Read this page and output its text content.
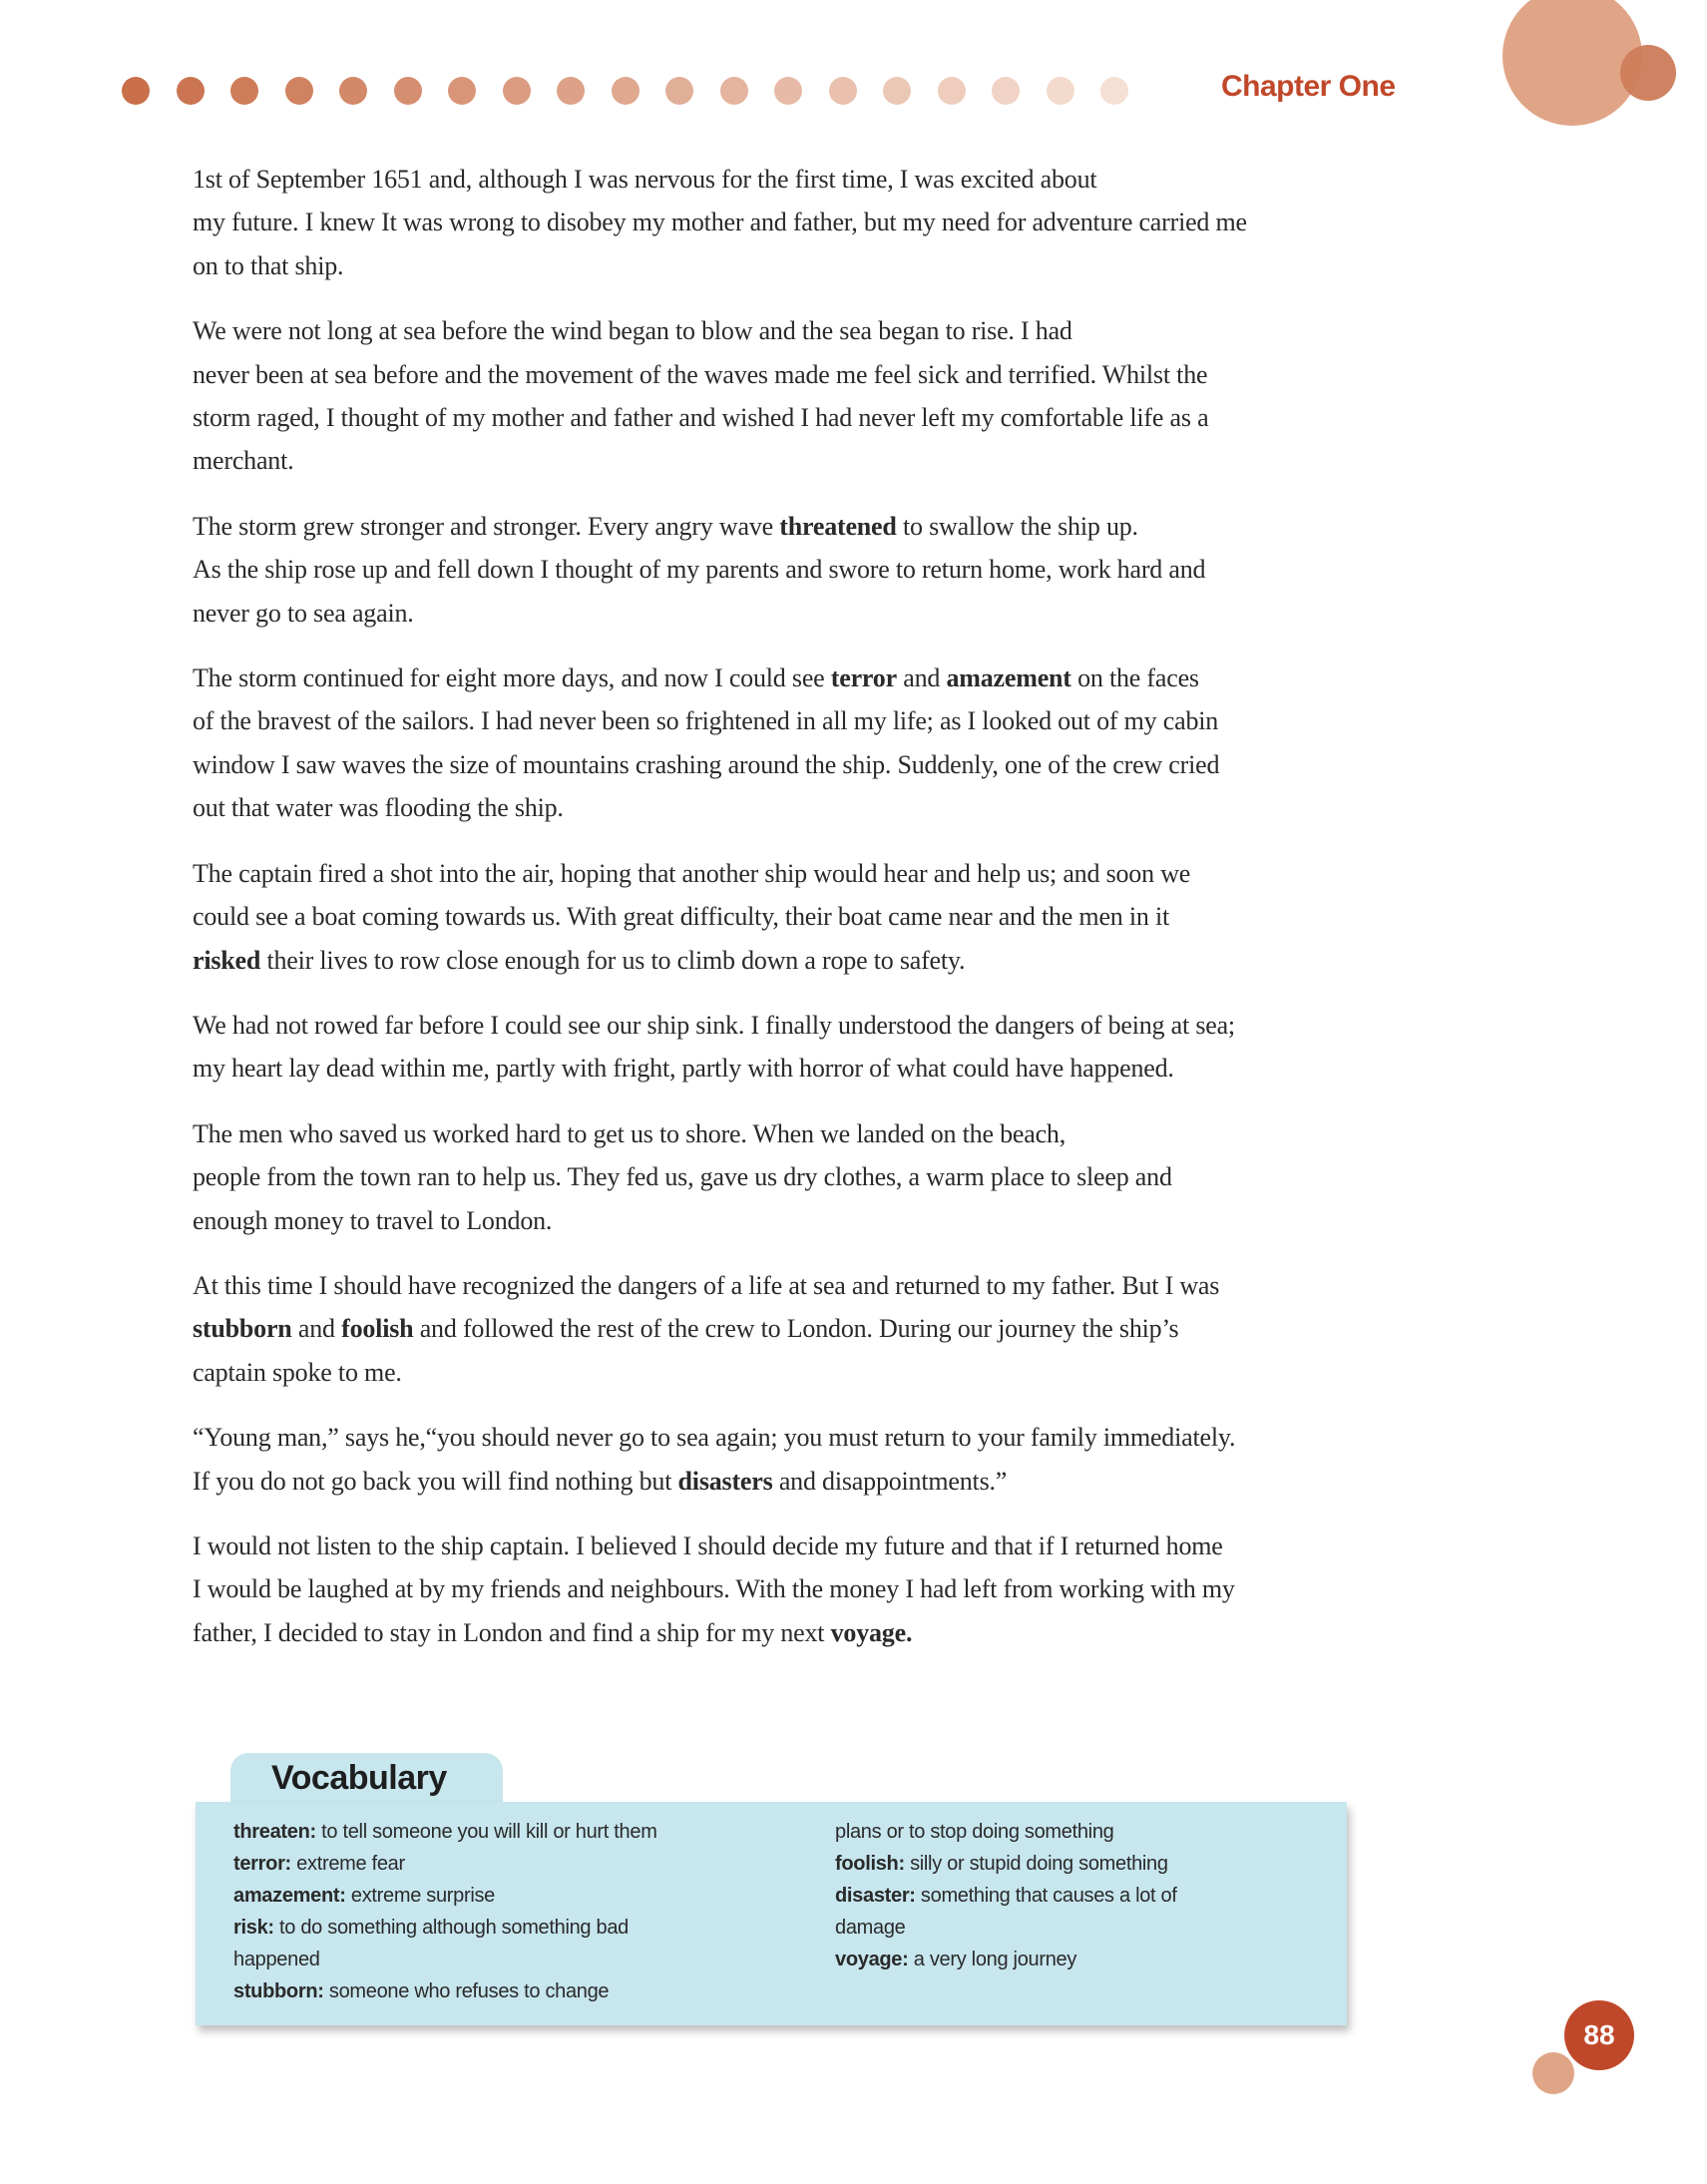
Chapter One
1st of September 1651 and, although I was nervous for the first time, I was excited about
my future. I knew It was wrong to disobey my mother and father, but my need for adventure carried me
on to that ship.
We were not long at sea before the wind began to blow and the sea began to rise. I had
never been at sea before and the movement of the waves made me feel sick and terrified. Whilst the
storm raged, I thought of my mother and father and wished I had never left my comfortable life as a
merchant.
The storm grew stronger and stronger. Every angry wave threatened to swallow the ship up.
As the ship rose up and fell down I thought of my parents and swore to return home, work hard and
never go to sea again.
The storm continued for eight more days, and now I could see terror and amazement on the faces
of the bravest of the sailors. I had never been so frightened in all my life; as I looked out of my cabin
window I saw waves the size of mountains crashing around the ship. Suddenly, one of the crew cried
out that water was flooding the ship.
The captain fired a shot into the air, hoping that another ship would hear and help us; and soon we
could see a boat coming towards us. With great difficulty, their boat came near and the men in it
risked their lives to row close enough for us to climb down a rope to safety.
We had not rowed far before I could see our ship sink. I finally understood the dangers of being at sea;
my heart lay dead within me, partly with fright, partly with horror of what could have happened.
The men who saved us worked hard to get us to shore. When we landed on the beach,
people from the town ran to help us. They fed us, gave us dry clothes, a warm place to sleep and
enough money to travel to London.
At this time I should have recognized the dangers of a life at sea and returned to my father. But I was
stubborn and foolish and followed the rest of the crew to London. During our journey the ship’s
captain spoke to me.
“Young man,” says he,“you should never go to sea again; you must return to your family immediately.
If you do not go back you will find nothing but disasters and disappointments.”
I would not listen to the ship captain. I believed I should decide my future and that if I returned home
I would be laughed at by my friends and neighbours. With the money I had left from working with my
father, I decided to stay in London and find a ship for my next voyage.
Vocabulary
threaten: to tell someone you will kill or hurt them
terror: extreme fear
amazement: extreme surprise
risk: to do something although something bad
happened
stubborn: someone who refuses to change
plans or to stop doing something
foolish: silly or stupid doing something
disaster: something that causes a lot of
damage
voyage: a very long journey
88
